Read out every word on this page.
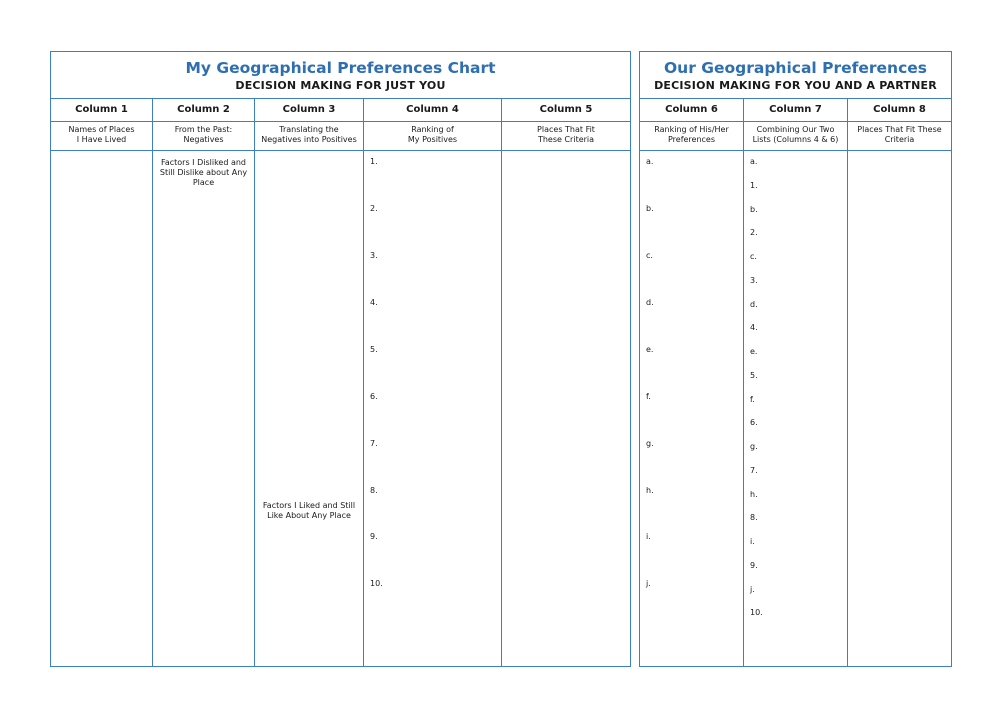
My Geographical Preferences Chart
DECISION MAKING FOR JUST YOU
Column 1
Names of Places
I Have Lived
Column 2
From the Past:
Negatives
Factors I Disliked and
Still Dislike about Any
Place
Column 3
Translating the
Negatives into Positives
Factors I Liked and Still
Like About Any Place
Column 4
Ranking of
My Positives
1.
2.
3.
4.
5.
6.
7.
8.
9.
10.
Column 5
Places That Fit
These Criteria
Our Geographical Preferences
DECISION MAKING FOR YOU AND A PARTNER
Column 6
Ranking of His/Her
Preferences
a.
b.
c.
d.
e.
f.
g.
h.
i.
j.
Column 7
Combining Our Two
Lists (Columns 4 & 6)
a.
1.
b.
2.
c.
3.
d.
4.
e.
5.
f.
6.
g.
7.
h.
8.
i.
9.
j.
10.
Column 8
Places That Fit These
Criteria
